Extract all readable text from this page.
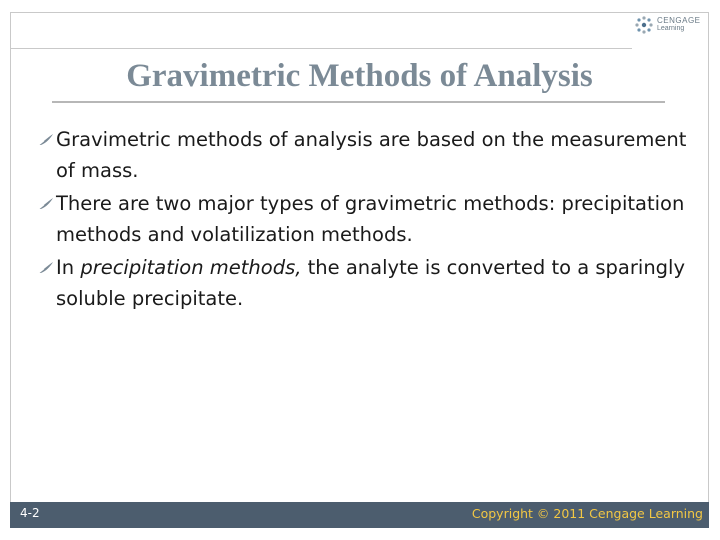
CENGAGE
Learning
Gravimetric Methods of Analysis
Gravimetric methods of analysis are based on the measurement of mass.
There are two major types of gravimetric methods: precipitation methods and volatilization methods.
In precipitation methods, the analyte is converted to a sparingly soluble precipitate.
4-2	Copyright © 2011 Cengage Learning
